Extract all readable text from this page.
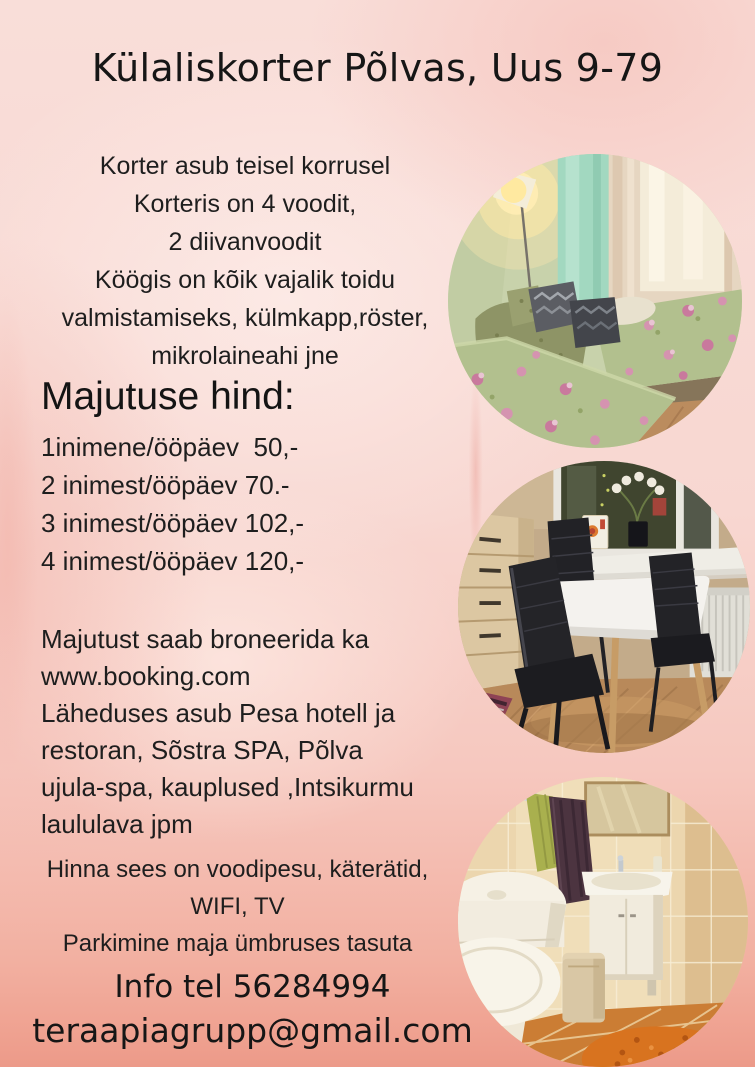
Külaliskorter Põlvas, Uus 9-79
Korter asub teisel korrusel
Korteris on 4 voodit,
2 diivanvoodit
Köögis on kõik vajalik toidu
valmistamiseks, külmkapp,röster,
mikrolaineahi jne
Majutuse hind:
1inimene/ööpäev  50,-
2 inimest/ööpäev 70.-
3 inimest/ööpäev 102,-
4 inimest/ööpäev 120,-
Majutust saab broneerida ka
www.booking.com
Läheduses asub Pesa hotell ja
restoran, Sõstra SPA, Põlva
ujula-spa, kauplused ,Intsikurmu
laululava jpm
Hinna sees on voodipesu, käterätid,
WIFI, TV
Parkimine maja ümbruses tasuta
Info tel 56284994
teraapiagrupp@gmail.com
